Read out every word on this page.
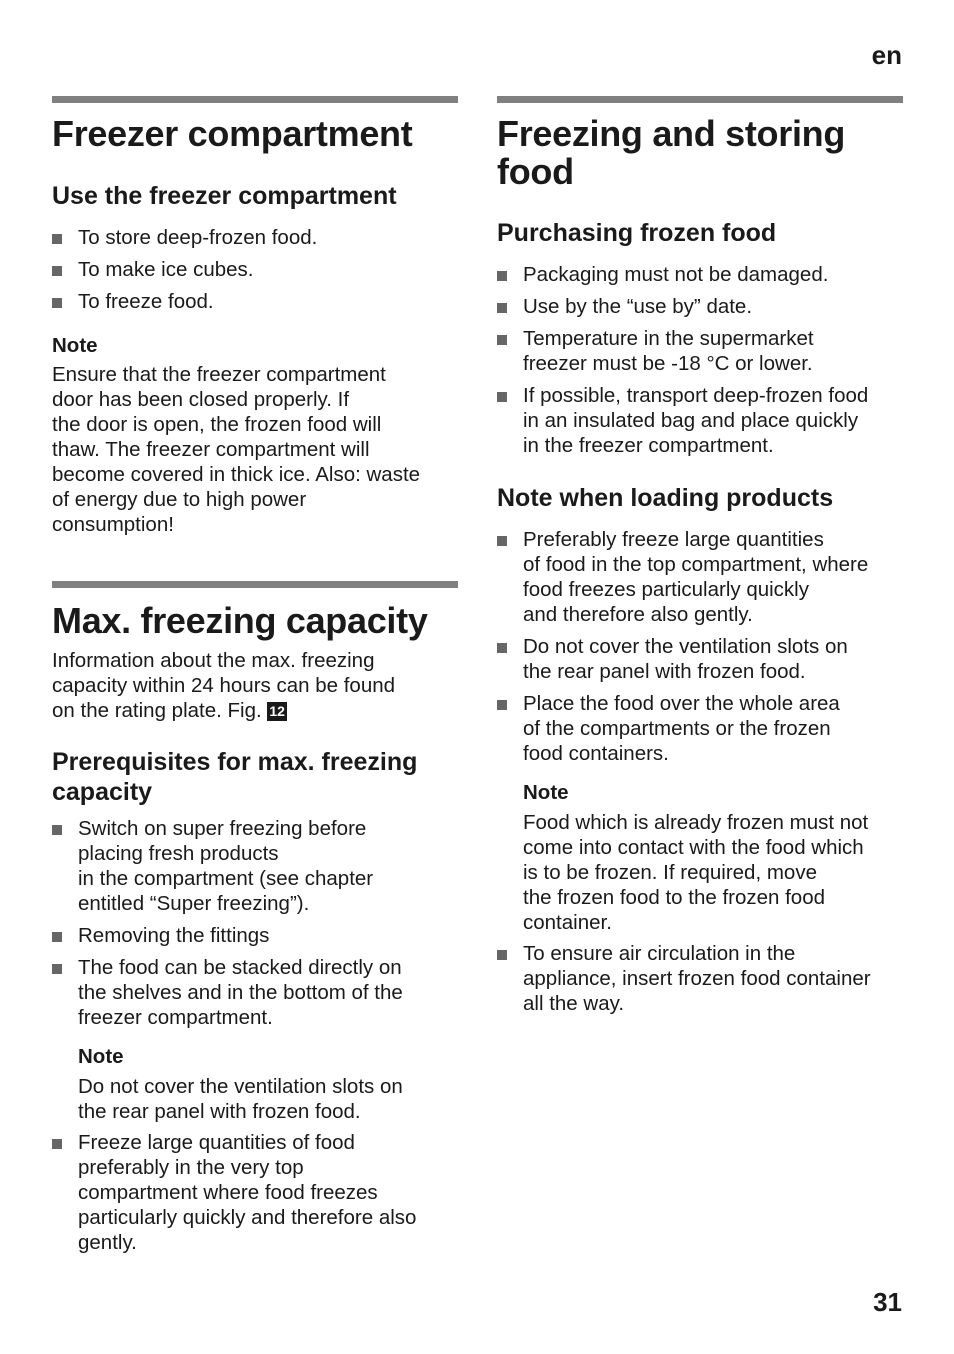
en
Freezer compartment
Use the freezer compartment
To store deep-frozen food.
To make ice cubes.
To freeze food.
Note

Ensure that the freezer compartment
door has been closed properly. If
the door is open, the frozen food will
thaw. The freezer compartment will
become covered in thick ice. Also: waste
of energy due to high power
consumption!

Max. freezing capacity

Information about the max. freezing
capacity within 24 hours can be found
on the rating plate. Fig. 12

Prerequisites for max. freezing
capacity
Switch on super freezing before
placing fresh products
in the compartment (see chapter
entitled “Super freezing”).
Removing the fittings
The food can be stacked directly on
the shelves and in the bottom of the
freezer compartment.
Note

Do not cover the ventilation slots on
the rear panel with frozen food.

Freeze large quantities of food
preferably in the very top
compartment where food freezes
particularly quickly and therefore also
gently.
Freezing and storing
food
Purchasing frozen food
Packaging must not be damaged.
Use by the “use by” date.
Temperature in the supermarket
freezer must be -18 °C or lower.
If possible, transport deep-frozen food
in an insulated bag and place quickly
in the freezer compartment.
Note when loading products
Preferably freeze large quantities
of food in the top compartment, where
food freezes particularly quickly
and therefore also gently.
Do not cover the ventilation slots on
the rear panel with frozen food.
Place the food over the whole area
of the compartments or the frozen
food containers.
Note

Food which is already frozen must not
come into contact with the food which
is to be frozen. If required, move
the frozen food to the frozen food
container.

To ensure air circulation in the
appliance, insert frozen food container
all the way.
31
